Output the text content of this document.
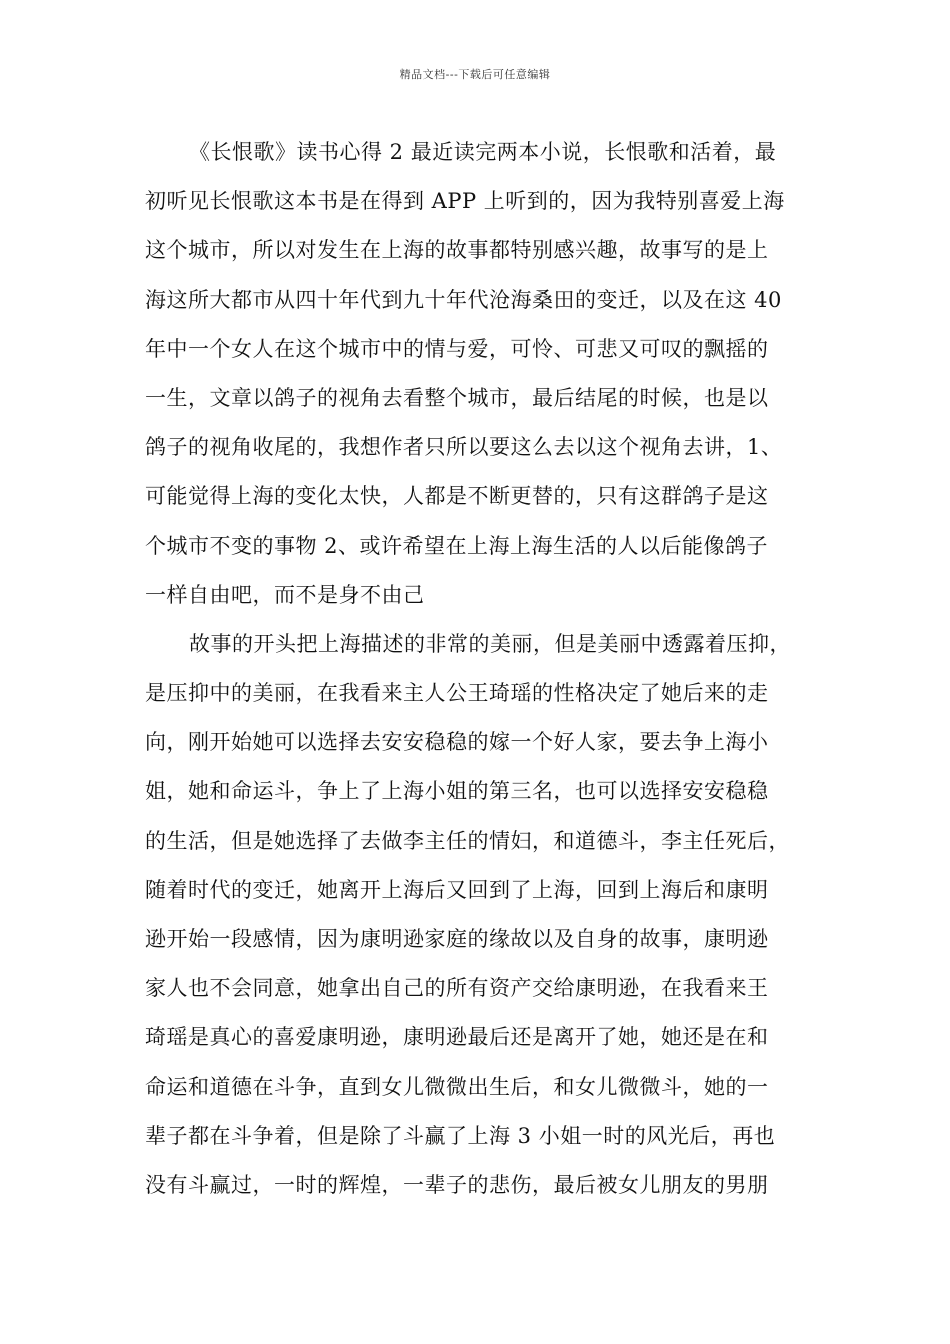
精品文档---下载后可任意编辑
《长恨歌》读书心得 2 最近读完两本小说，长恨歌和活着，最
初听见长恨歌这本书是在得到 APP 上听到的，因为我特别喜爱上海
这个城市，所以对发生在上海的故事都特别感兴趣，故事写的是上
海这所大都市从四十年代到九十年代沧海桑田的变迁，以及在这 40
年中一个女人在这个城市中的情与爱，可怜、可悲又可叹的飘摇的
一生，文章以鸽子的视角去看整个城市，最后结尾的时候，也是以
鸽子的视角收尾的，我想作者只所以要这么去以这个视角去讲，1、
可能觉得上海的变化太快，人都是不断更替的，只有这群鸽子是这
个城市不变的事物 2、或许希望在上海上海生活的人以后能像鸽子
一样自由吧，而不是身不由己
故事的开头把上海描述的非常的美丽，但是美丽中透露着压抑，
是压抑中的美丽，在我看来主人公王琦瑶的性格决定了她后来的走
向，刚开始她可以选择去安安稳稳的嫁一个好人家，要去争上海小
姐，她和命运斗，争上了上海小姐的第三名，也可以选择安安稳稳
的生活，但是她选择了去做李主任的情妇，和道德斗，李主任死后，
随着时代的变迁，她离开上海后又回到了上海，回到上海后和康明
逊开始一段感情，因为康明逊家庭的缘故以及自身的故事，康明逊
家人也不会同意，她拿出自己的所有资产交给康明逊，在我看来王
琦瑶是真心的喜爱康明逊，康明逊最后还是离开了她，她还是在和
命运和道德在斗争，直到女儿微微出生后，和女儿微微斗，她的一
辈子都在斗争着，但是除了斗赢了上海 3 小姐一时的风光后，再也
没有斗赢过，一时的辉煌，一辈子的悲伤，最后被女儿朋友的男朋
